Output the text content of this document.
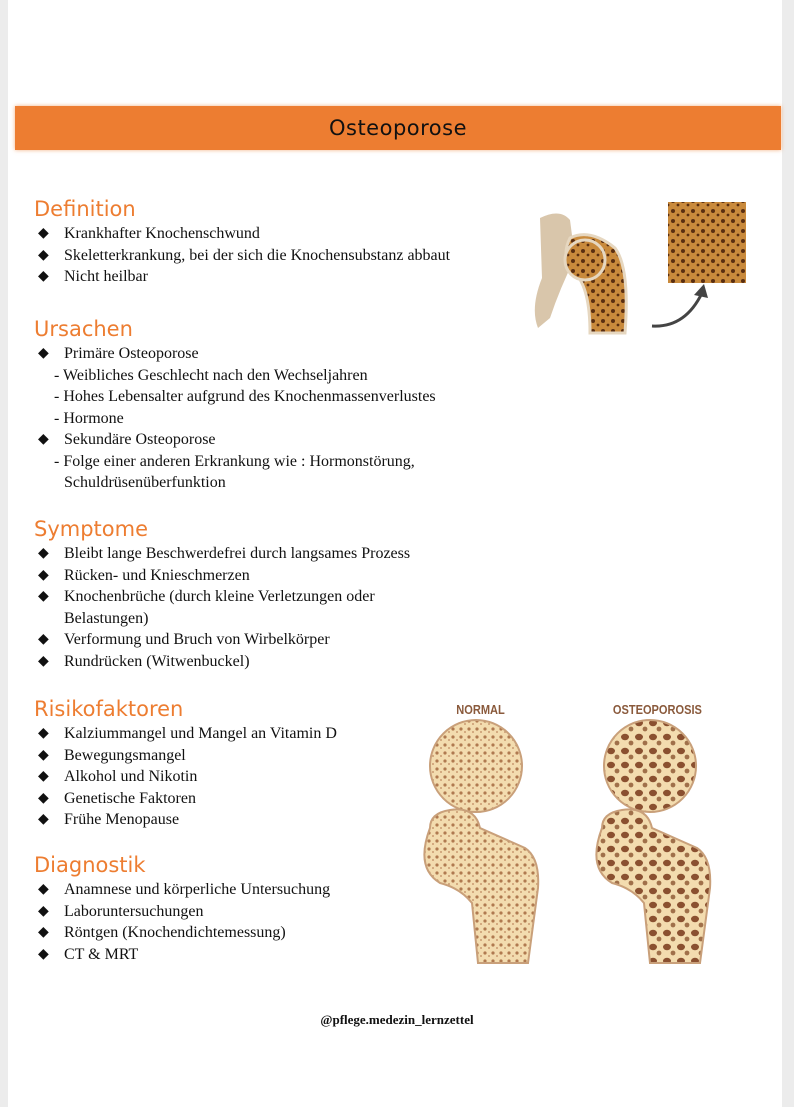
Osteoporose
Definition
◆ Krankhafter Knochenschwund
◆ Skeletterkrankung, bei der sich die Knochensubstanz abbaut
◆ Nicht heilbar
Ursachen
◆ Primäre Osteoporose
- Weibliches Geschlecht nach den Wechseljahren
- Hohes Lebensalter aufgrund des Knochenmassenverlustes
- Hormone
◆ Sekundäre Osteoporose
- Folge einer anderen Erkrankung wie : Hormonstörung,
Schuldrüsenüberfunktion
Symptome
◆ Bleibt lange Beschwerdefrei durch langsames Prozess
◆ Rücken- und Knieschmerzen
◆ Knochenbrüche (durch kleine Verletzungen oder
Belastungen)
◆ Verformung und Bruch von Wirbelkörper
◆ Rundrücken (Witwenbuckel)
Risikofaktoren
◆ Kalziummangel und Mangel an Vitamin D
◆ Bewegungsmangel
◆ Alkohol und Nikotin
◆ Genetische Faktoren
◆ Frühe Menopause
Diagnostik
◆ Anamnese und körperliche Untersuchung
◆ Laboruntersuchungen
◆ Röntgen (Knochendichtemessung)
◆ CT & MRT
NORMAL	OSTEOPOROSIS
@pflege.medezin_lernzettel
